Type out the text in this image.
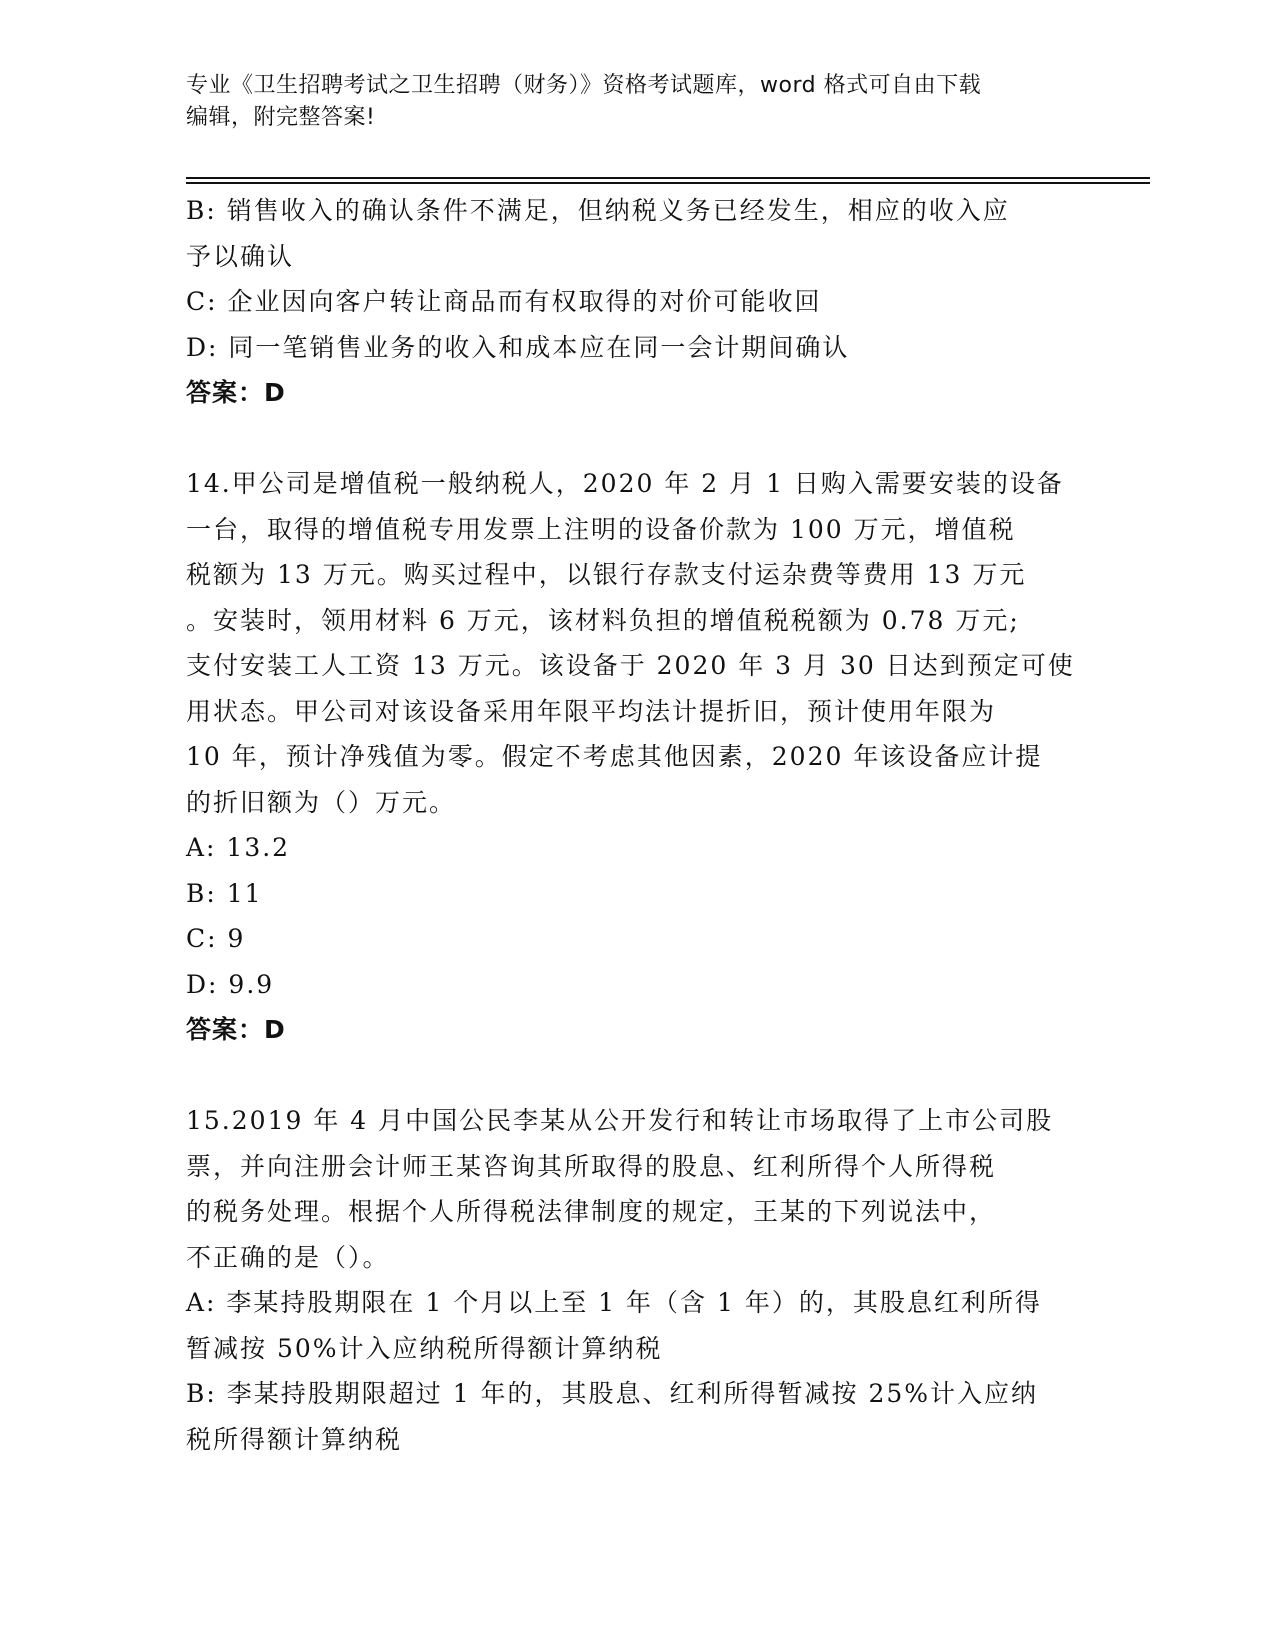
专业《卫生招聘考试之卫生招聘（财务）》资格考试题库，word 格式可自由下载
编辑，附完整答案!
B: 销售收入的确认条件不满足，但纳税义务已经发生，相应的收入应
予以确认
C: 企业因向客户转让商品而有权取得的对价可能收回
D: 同一笔销售业务的收入和成本应在同一会计期间确认
答案：D
14.甲公司是增值税一般纳税人，2020 年 2 月 1 日购入需要安装的设备
一台，取得的增值税专用发票上注明的设备价款为 100 万元，增值税
税额为 13 万元。购买过程中，以银行存款支付运杂费等费用 13 万元
。安装时，领用材料 6 万元，该材料负担的增值税税额为 0.78 万元;
支付安装工人工资 13 万元。该设备于 2020 年 3 月 30 日达到预定可使
用状态。甲公司对该设备采用年限平均法计提折旧，预计使用年限为
10 年，预计净残值为零。假定不考虑其他因素，2020 年该设备应计提
的折旧额为（）万元。
A: 13.2
B: 11
C: 9
D: 9.9
答案：D
15.2019 年 4 月中国公民李某从公开发行和转让市场取得了上市公司股
票，并向注册会计师王某咨询其所取得的股息、红利所得个人所得税
的税务处理。根据个人所得税法律制度的规定，王某的下列说法中，
不正确的是（）。
A: 李某持股期限在 1 个月以上至 1 年（含 1 年）的，其股息红利所得
暂减按 50%计入应纳税所得额计算纳税
B: 李某持股期限超过 1 年的，其股息、红利所得暂减按 25%计入应纳
税所得额计算纳税
